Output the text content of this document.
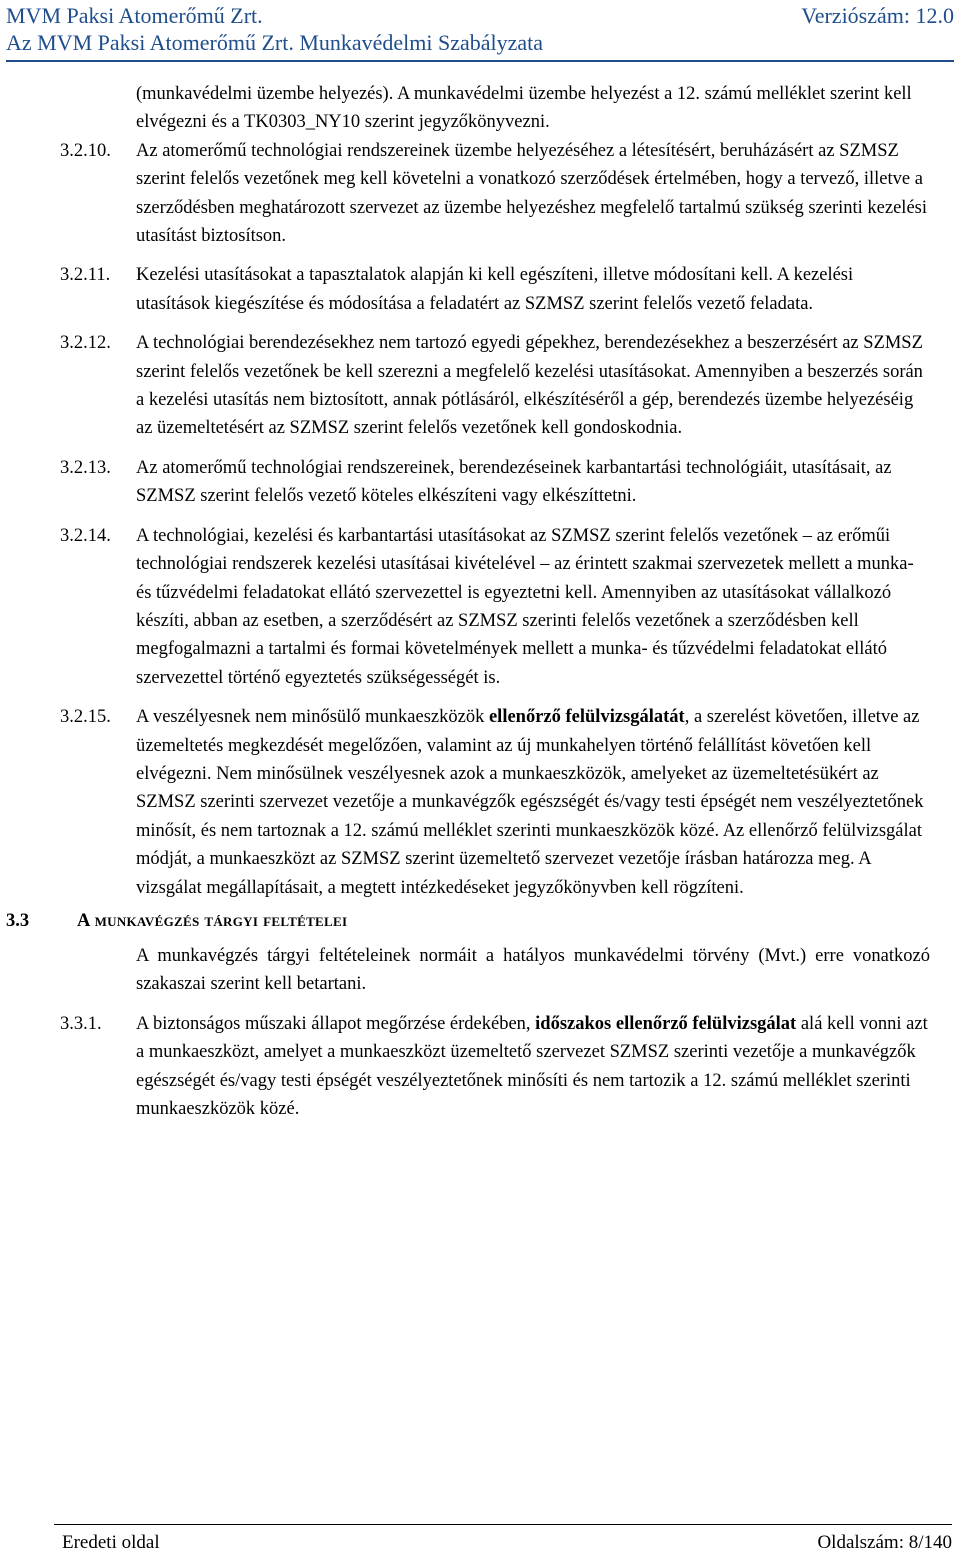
MVM Paksi Atomerőmű Zrt.	Verziószám: 12.0
Az MVM Paksi Atomerőmű Zrt. Munkavédelmi Szabályzata
(munkavédelmi üzembe helyezés). A munkavédelmi üzembe helyezést a 12. számú melléklet szerint kell elvégezni és a TK0303_NY10 szerint jegyzőkönyvezni.
3.2.10. Az atomerőmű technológiai rendszereinek üzembe helyezéséhez a létesítésért, beruházásért az SZMSZ szerint felelős vezetőnek meg kell követelni a vonatkozó szerződések értelmében, hogy a tervező, illetve a szerződésben meghatározott szervezet az üzembe helyezéshez megfelelő tartalmú szükség szerinti kezelési utasítást biztosítson.
3.2.11. Kezelési utasításokat a tapasztalatok alapján ki kell egészíteni, illetve módosítani kell. A kezelési utasítások kiegészítése és módosítása a feladatért az SZMSZ szerint felelős vezető feladata.
3.2.12. A technológiai berendezésekhez nem tartozó egyedi gépekhez, berendezésekhez a beszerzésért az SZMSZ szerint felelős vezetőnek be kell szerezni a megfelelő kezelési utasításokat. Amennyiben a beszerzés során a kezelési utasítás nem biztosított, annak pótlásáról, elkészítéséről a gép, berendezés üzembe helyezéséig az üzemeltetésért az SZMSZ szerint felelős vezetőnek kell gondoskodnia.
3.2.13. Az atomerőmű technológiai rendszereinek, berendezéseinek karbantartási technológiáit, utasításait, az SZMSZ szerint felelős vezető köteles elkészíteni vagy elkészíttetni.
3.2.14. A technológiai, kezelési és karbantartási utasításokat az SZMSZ szerint felelős vezetőnek – az erőműi technológiai rendszerek kezelési utasításai kivételével – az érintett szakmai szervezetek mellett a munka- és tűzvédelmi feladatokat ellátó szervezettel is egyeztetni kell. Amennyiben az utasításokat vállalkozó készíti, abban az esetben, a szerződésért az SZMSZ szerinti felelős vezetőnek a szerződésben kell megfogalmazni a tartalmi és formai követelmények mellett a munka- és tűzvédelmi feladatokat ellátó szervezettel történő egyeztetés szükségességét is.
3.2.15. A veszélyesnek nem minősülő munkaeszközök ellenőrző felülvizsgálatát, a szerelést követően, illetve az üzemeltetés megkezdését megelőzően, valamint az új munkahelyen történő felállítást követően kell elvégezni. Nem minősülnek veszélyesnek azok a munkaeszközök, amelyeket az üzemeltetésükért az SZMSZ szerinti szervezet vezetője a munkavégzők egészségét és/vagy testi épségét nem veszélyeztetőnek minősít, és nem tartoznak a 12. számú melléklet szerinti munkaeszközök közé. Az ellenőrző felülvizsgálat módját, a munkaeszközt az SZMSZ szerint üzemeltető szervezet vezetője írásban határozza meg. A vizsgálat megállapításait, a megtett intézkedéseket jegyzőkönyvben kell rögzíteni.
3.3	A munkavégzés tárgyi feltételei
A munkavégzés tárgyi feltételeinek normáit a hatályos munkavédelmi törvény (Mvt.) erre vonatkozó szakaszai szerint kell betartani.
3.3.1. A biztonságos műszaki állapot megőrzése érdekében, időszakos ellenőrző felülvizsgálat alá kell vonni azt a munkaeszközt, amelyet a munkaeszközt üzemeltető szervezet SZMSZ szerinti vezetője a munkavégzők egészségét és/vagy testi épségét veszélyeztetőnek minősíti és nem tartozik a 12. számú melléklet szerinti munkaeszközök közé.
Eredeti oldal	Oldalszám: 8/140
